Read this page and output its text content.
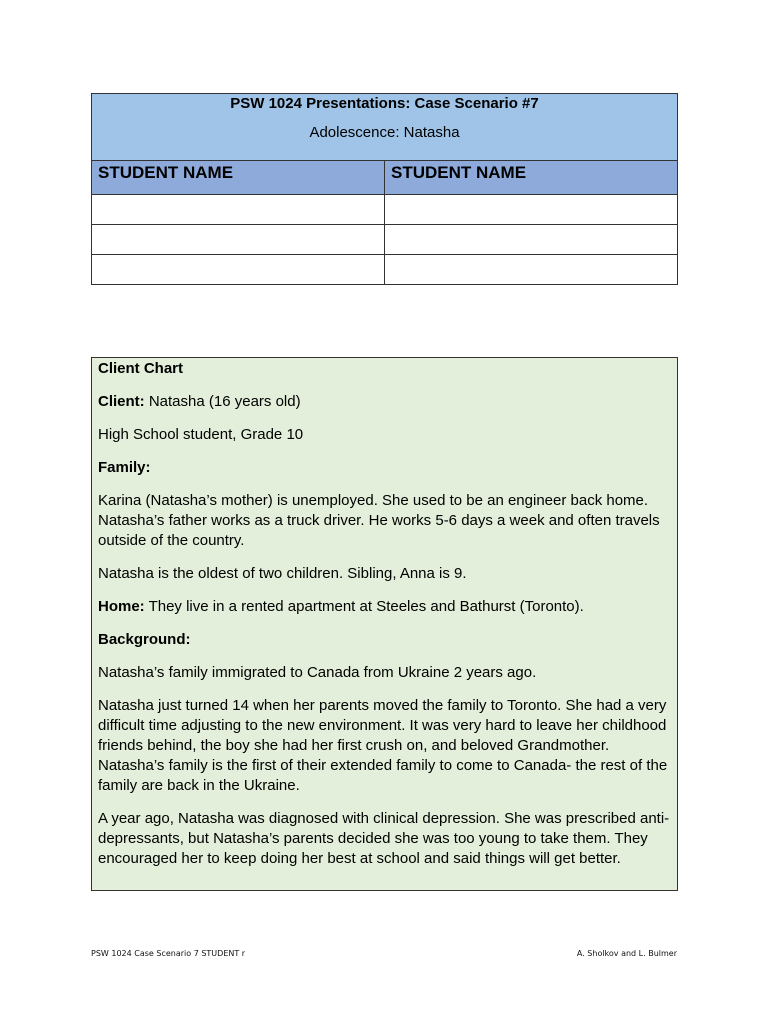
PSW 1024 Presentations: Case Scenario #7
Adolescence: Natasha	

STUDENT NAME	STUDENT NAME

Client Chart

Client: Natasha (16 years old)

High School student, Grade 10

Family:

Karina (Natasha’s mother) is unemployed. She used to be an engineer back home. Natasha’s father works as a truck driver. He works 5-6 days a week and often travels outside of the country.

Natasha is the oldest of two children. Sibling, Anna is 9.

Home: They live in a rented apartment at Steeles and Bathurst (Toronto).

Background:

Natasha’s family immigrated to Canada from Ukraine 2 years ago.

Natasha just turned 14 when her parents moved the family to Toronto. She had a very difficult time adjusting to the new environment. It was very hard to leave her childhood friends behind, the boy she had her first crush on, and beloved Grandmother. Natasha’s family is the first of their extended family to come to Canada- the rest of the family are back in the Ukraine.

A year ago, Natasha was diagnosed with clinical depression. She was prescribed anti-depressants, but Natasha’s parents decided she was too young to take them. They encouraged her to keep doing her best at school and said things will get better.

PSW 1024 Case Scenario 7 STUDENT r	A. Sholkov and L. Bulmer
